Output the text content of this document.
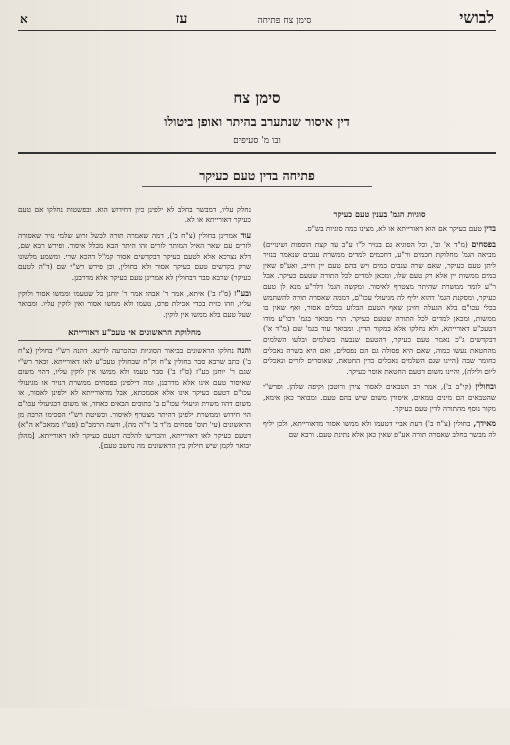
לבושי
סימן צח פתיחה
עז
א
סימן צח
דין איסור שנתערב בהיתר ואופן ביטולו
ובו מ' סעיפים
פתיחה בדין טעם כעיקר
סוגיות הגמ' בענין טעם כעיקר

בדין טעם כעיקר אם הוא דאורייתא או לא, מצינו כמה סוגיות בש"ס.

בפסחים (מ"ד א' וב', וכל הסוגיא גם בנזיר ל"ו ע"ב עד קצת הוספות ושינויים) מביאה הגמ' מחלוקת חכמים ור"ע, דחכמים למדים ממשרת ענבים שנאמר בנזיר ליתן טעם כעיקר, שאם שרה ענבים במים ויש בהם טעם יין חייב, ואע"פ שאין במים ממשות יין אלא רק טעם שלו, ומכאן למדים לכל התורה שטעם כעיקר. אבל ר"ע לומד ממשרת שהיתר מצטרף לאיסור. ומקשה הגמ' דלר"ע מנא לן טעם כעיקר, ומסקנת הגמ' דהוא יליף לה מגיעולי עכו"ם, דממה שאסרה תורה להשתמש בכלי עכו"ם בלא הגעלה חזינן שאף הטעם הבלוע בכלים אסור, ואף שאין בו ממשות, ומכאן למדים לכל התורה שטעם כעיקר. הרי מבואר בגמ' דכו"ע מודו דטעכ"ע דאורייתא, ולא נחלקו אלא במקור הדין. ומבואר עוד בגמ' שם (מ"ד א') דבקדשים ג"כ נאמר טעם כעיקר, דהטעם שנבעה בשלמים ובלעו השלמים מהחטאת נעשו כמוה, שאם היא פסולה גם הם נפסלים, ואם היא בשרה נאכלים כחומר שבה (היינו שגם השלמים נאכלים כדין החטאת, שאוסרים לזרים ונאכלים ליום ולילה), והיינו משום דטעם החטאת אוסר כעיקר.

ובחולין (קי"ב ב'), אמר רב הטבאים לאסור צירן ורוטבן וקיפה שלהן. ופרש"י שהטבאים הם מינים טמאים, איסורן משום שיש בהם טעם. ומבואר כאן אימא, מקור נוסף מהתורה לדין טעם כעיקר.

מאידך, בחולין (צ"ח ב') דעת אביי דטעמו ולא ממשו אסור מדאורייתא, ולכן יליף לה מבשר בחלב שאסרה תורה אע"פ שאין כאן אלא נתינת טעם. ורבא שם

נחלק עליו, דמבשר בחלב לא ילפינן כיון דחידוש הוא. ובפשטות נחלקו אם טעם כעיקר דאורייתא או לא.

עוד אמרינן בחולין (צ"ח ב'), דמה שאמרה תורה לבשל זרוע שלמי נזיר שאסורה לזרים עם שאר האיל המותר לזרים זהו היתר הבא מכלל איסור. ופירש רבא שם, דלא נצרכא אלא לטעם כעיקר דבקדשים אסור קמ"ל דהכא שרי. ומשמע מלשונו שרק בקדשים טעם כעיקר אסור ולא בחולין, וכן פירש רש"י שם (ד"ה לטעם כעיקר) שרבא סבר דבחולין לא אמרינן טעם כעיקר אלא מדרבנן.

ובע"ז (ס"ז ב') איתא, אמר ר' אבהו אמר ר' יוחנן כל שטעמו וממשו אסור ולוקין עליו, וזהו כזית בכדי אכילת פרס, טעמו ולא ממשו אסור ואין לוקין עליו. ומבואר שעל טעם בלא ממשו אין לוקין.

מחלוקת הראשונים אי טעכ"ע דאורייתא

והנה נחלקו הראשונים בביאור הסוגיות ובהכרעה לדינא. דהנה רש"י בחולין (צ"ח ב') כתב שרבא סבר בחולין צ"ח וק"ח שבחולין טעכ"ע לאו דאורייתא. ובאר רש"י שגם ר' יוחנן בע"ז (ס"ז ב') סבר טעמו ולא ממשו אין לוקין עליו, דהוי משום שאיסור טעם אינו אלא מדרבנן, ומה דילפינן בפסחים ממשרת דנזיר או מגיעולי עכו"ם דטעם כעיקר אינו אלא אסמכתא, אבל מדאורייתא לא ילפינן לאסור, או משום דהוו משרת וגיעולי עכו"ם ב' כתובים הבאים כאחד, או משום דבגיעולי עכו"ם הוי חידוש וממשרת ילפינן דהיתר מצטרף לאיסור. וכשיטת רש"י הסכימו הרבה מן הראשונים (עי' תוס' פסחים מ"ד ב' ד"ה מה), ודעת הרמב"ם (פט"ו ממאכ"א ה"א) דטעם כעיקר לאו דאורייתא, והכריעו להלכה דטעם כעיקר לאו דאורייתא. [מהלן יבואר לקמן שיש חילוק בין הראשונים מה נחשב טעם].
